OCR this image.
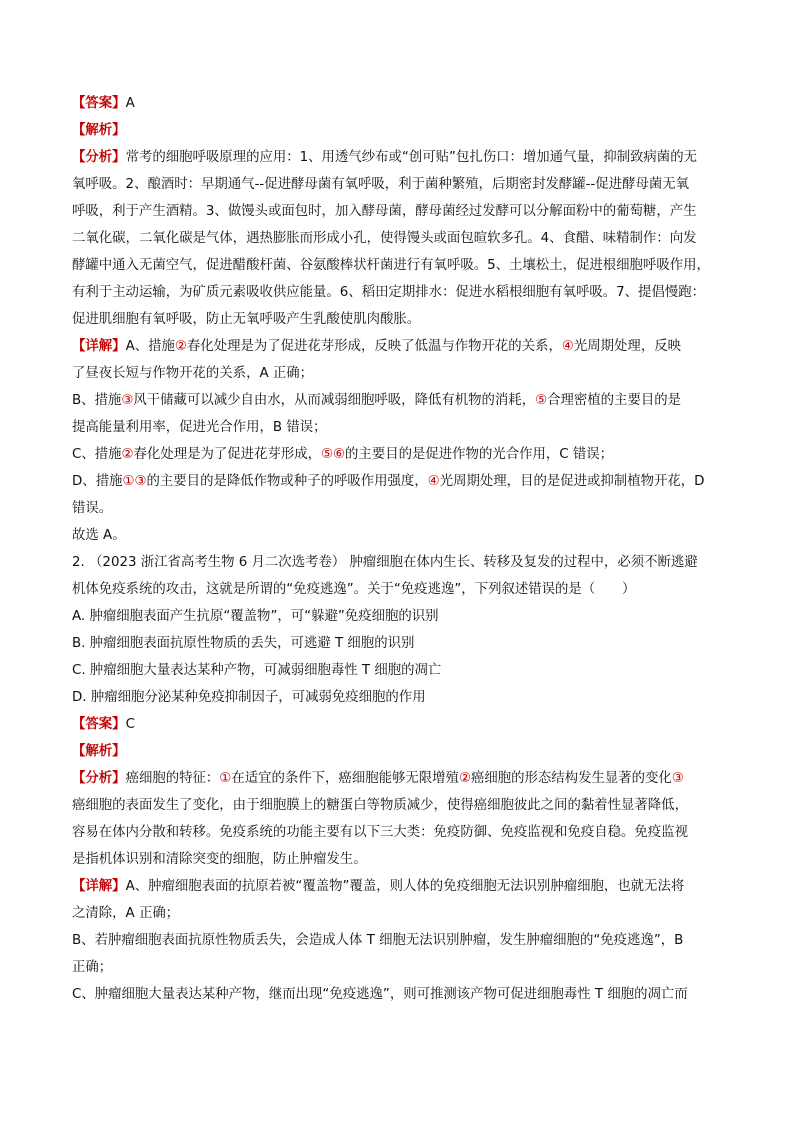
【答案】A
【解析】
【分析】常考的细胞呼吸原理的应用：1、用透气纱布或“创可贴”包扎伤口：增加通气量，抑制致病菌的无
氧呼吸。2、酿酒时：早期通气--促进酵母菌有氧呼吸，利于菌种繁殖，后期密封发酵罐--促进酵母菌无氧
呼吸，利于产生酒精。3、做馒头或面包时，加入酵母菌，酵母菌经过发酵可以分解面粉中的葡萄糖，产生
二氧化碳，二氧化碳是气体，遇热膨胀而形成小孔，使得馒头或面包暄软多孔。4、食醋、味精制作：向发
酵罐中通入无菌空气，促进醋酸杆菌、谷氨酸棒状杆菌进行有氧呼吸。5、土壤松土，促进根细胞呼吸作用，
有利于主动运输，为矿质元素吸收供应能量。6、稻田定期排水：促进水稻根细胞有氧呼吸。7、提倡慢跑：
促进肌细胞有氧呼吸，防止无氧呼吸产生乳酸使肌肉酸胀。
【详解】A、措施②春化处理是为了促进花芽形成，反映了低温与作物开花的关系，④光周期处理，反映
了昼夜长短与作物开花的关系，A 正确；
B、措施③风干储藏可以减少自由水，从而减弱细胞呼吸，降低有机物的消耗，⑤合理密植的主要目的是
提高能量利用率，促进光合作用，B 错误；
C、措施②春化处理是为了促进花芽形成，⑤⑥的主要目的是促进作物的光合作用，C 错误；
D、措施①③的主要目的是降低作物或种子的呼吸作用强度，④光周期处理，目的是促进或抑制植物开花，D
错误。
故选 A。
2. （2023 浙江省高考生物 6 月二次选考卷） 肿瘤细胞在体内生长、转移及复发的过程中，必须不断逃避
机体免疫系统的攻击，这就是所谓的“免疫逃逸”。关于“免疫逃逸”，下列叙述错误的是（　　）
A. 肿瘤细胞表面产生抗原“覆盖物”，可“躲避”免疫细胞的识别
B. 肿瘤细胞表面抗原性物质的丢失，可逃避 T 细胞的识别
C. 肿瘤细胞大量表达某种产物，可减弱细胞毒性 T 细胞的凋亡
D. 肿瘤细胞分泌某种免疫抑制因子，可减弱免疫细胞的作用
【答案】C
【解析】
【分析】癌细胞的特征：①在适宜的条件下，癌细胞能够无限增殖②癌细胞的形态结构发生显著的变化③
癌细胞的表面发生了变化，由于细胞膜上的糖蛋白等物质减少，使得癌细胞彼此之间的黏着性显著降低，
容易在体内分散和转移。免疫系统的功能主要有以下三大类：免疫防御、免疫监视和免疫自稳。免疫监视
是指机体识别和清除突变的细胞，防止肿瘤发生。
【详解】A、肿瘤细胞表面的抗原若被“覆盖物”覆盖，则人体的免疫细胞无法识别肿瘤细胞，也就无法将
之清除，A 正确；
B、若肿瘤细胞表面抗原性物质丢失，会造成人体 T 细胞无法识别肿瘤，发生肿瘤细胞的“免疫逃逸”，B
正确；
C、肿瘤细胞大量表达某种产物，继而出现“免疫逃逸”，则可推测该产物可促进细胞毒性 T 细胞的凋亡而
